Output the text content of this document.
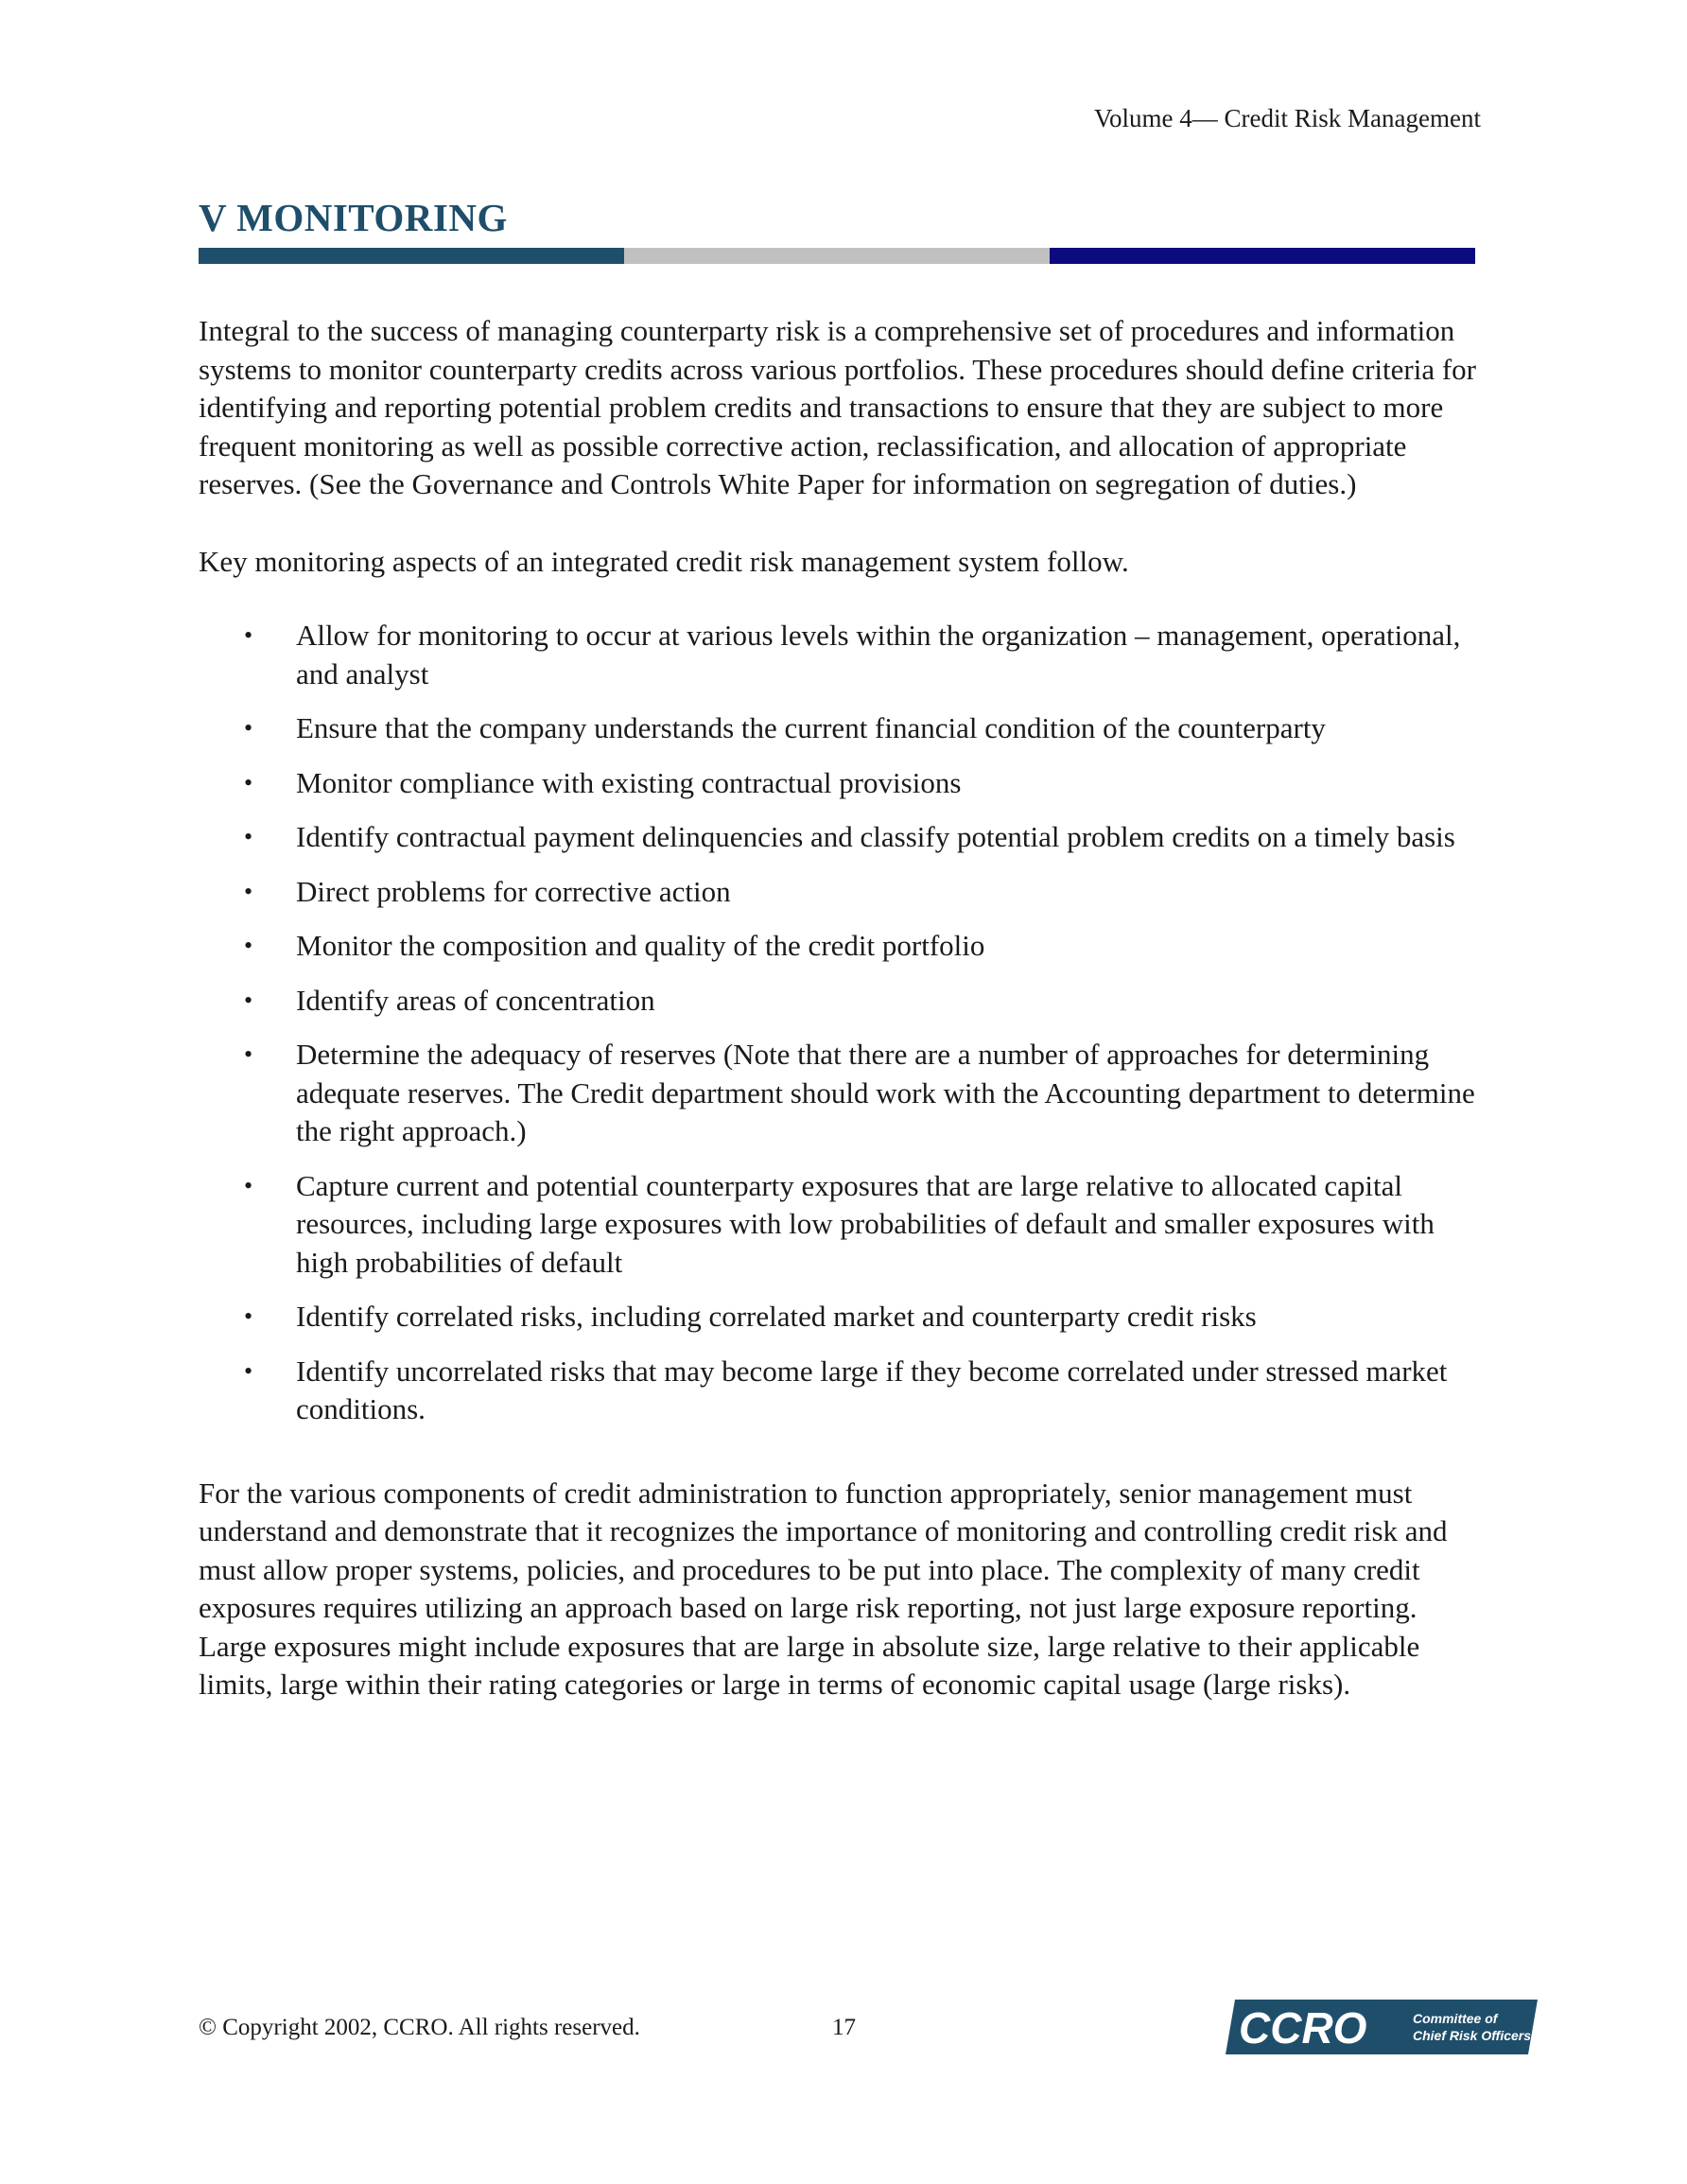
Volume 4— Credit Risk Management
V MONITORING

Integral to the success of managing counterparty risk is a comprehensive set of procedures and information systems to monitor counterparty credits across various portfolios. These procedures should define criteria for identifying and reporting potential problem credits and transactions to ensure that they are subject to more frequent monitoring as well as possible corrective action, reclassification, and allocation of appropriate reserves. (See the Governance and Controls White Paper for information on segregation of duties.)

Key monitoring aspects of an integrated credit risk management system follow.

• Allow for monitoring to occur at various levels within the organization – management, operational, and analyst
• Ensure that the company understands the current financial condition of the counterparty
• Monitor compliance with existing contractual provisions
• Identify contractual payment delinquencies and classify potential problem credits on a timely basis
• Direct problems for corrective action
• Monitor the composition and quality of the credit portfolio
• Identify areas of concentration
• Determine the adequacy of reserves (Note that there are a number of approaches for determining adequate reserves. The Credit department should work with the Accounting department to determine the right approach.)
• Capture current and potential counterparty exposures that are large relative to allocated capital resources, including large exposures with low probabilities of default and smaller exposures with high probabilities of default
• Identify correlated risks, including correlated market and counterparty credit risks
• Identify uncorrelated risks that may become large if they become correlated under stressed market conditions.

For the various components of credit administration to function appropriately, senior management must understand and demonstrate that it recognizes the importance of monitoring and controlling credit risk and must allow proper systems, policies, and procedures to be put into place. The complexity of many credit exposures requires utilizing an approach based on large risk reporting, not just large exposure reporting. Large exposures might include exposures that are large in absolute size, large relative to their applicable limits, large within their rating categories or large in terms of economic capital usage (large risks).

© Copyright 2002, CCRO. All rights reserved.	17	CCRO	Committee of
Chief Risk Officers
